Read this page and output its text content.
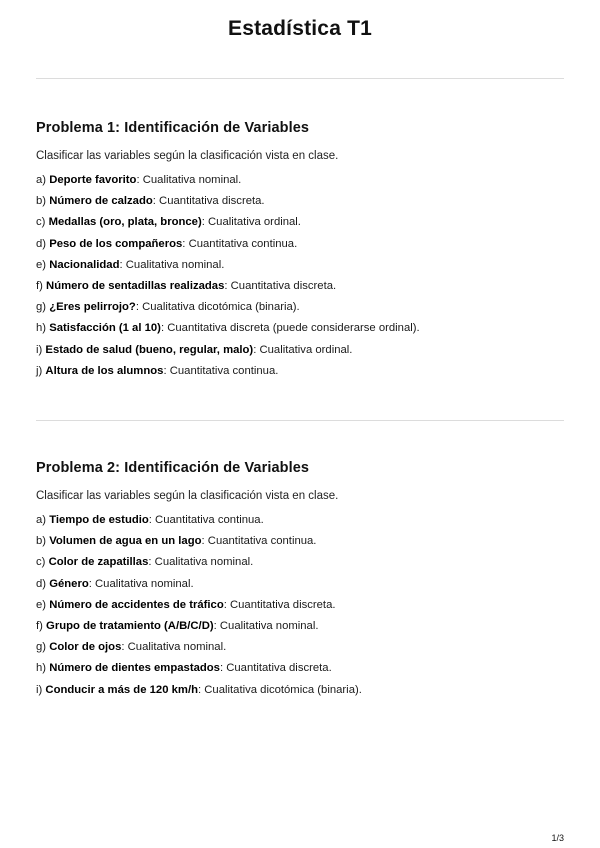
Estadística T1
Problema 1: Identificación de Variables

Clasificar las variables según la clasificación vista en clase.

a) Deporte favorito: Cualitativa nominal.
b) Número de calzado: Cuantitativa discreta.
c) Medallas (oro, plata, bronce): Cualitativa ordinal.
d) Peso de los compañeros: Cuantitativa continua.
e) Nacionalidad: Cualitativa nominal.
f) Número de sentadillas realizadas: Cuantitativa discreta.
g) ¿Eres pelirrojo?: Cualitativa dicotómica (binaria).
h) Satisfacción (1 al 10): Cuantitativa discreta (puede considerarse ordinal).
i) Estado de salud (bueno, regular, malo): Cualitativa ordinal.
j) Altura de los alumnos: Cuantitativa continua.
Problema 2: Identificación de Variables

Clasificar las variables según la clasificación vista en clase.

a) Tiempo de estudio: Cuantitativa continua.
b) Volumen de agua en un lago: Cuantitativa continua.
c) Color de zapatillas: Cualitativa nominal.
d) Género: Cualitativa nominal.
e) Número de accidentes de tráfico: Cuantitativa discreta.
f) Grupo de tratamiento (A/B/C/D): Cualitativa nominal.
g) Color de ojos: Cualitativa nominal.
h) Número de dientes empastados: Cuantitativa discreta.
i) Conducir a más de 120 km/h: Cualitativa dicotómica (binaria).
1/3
